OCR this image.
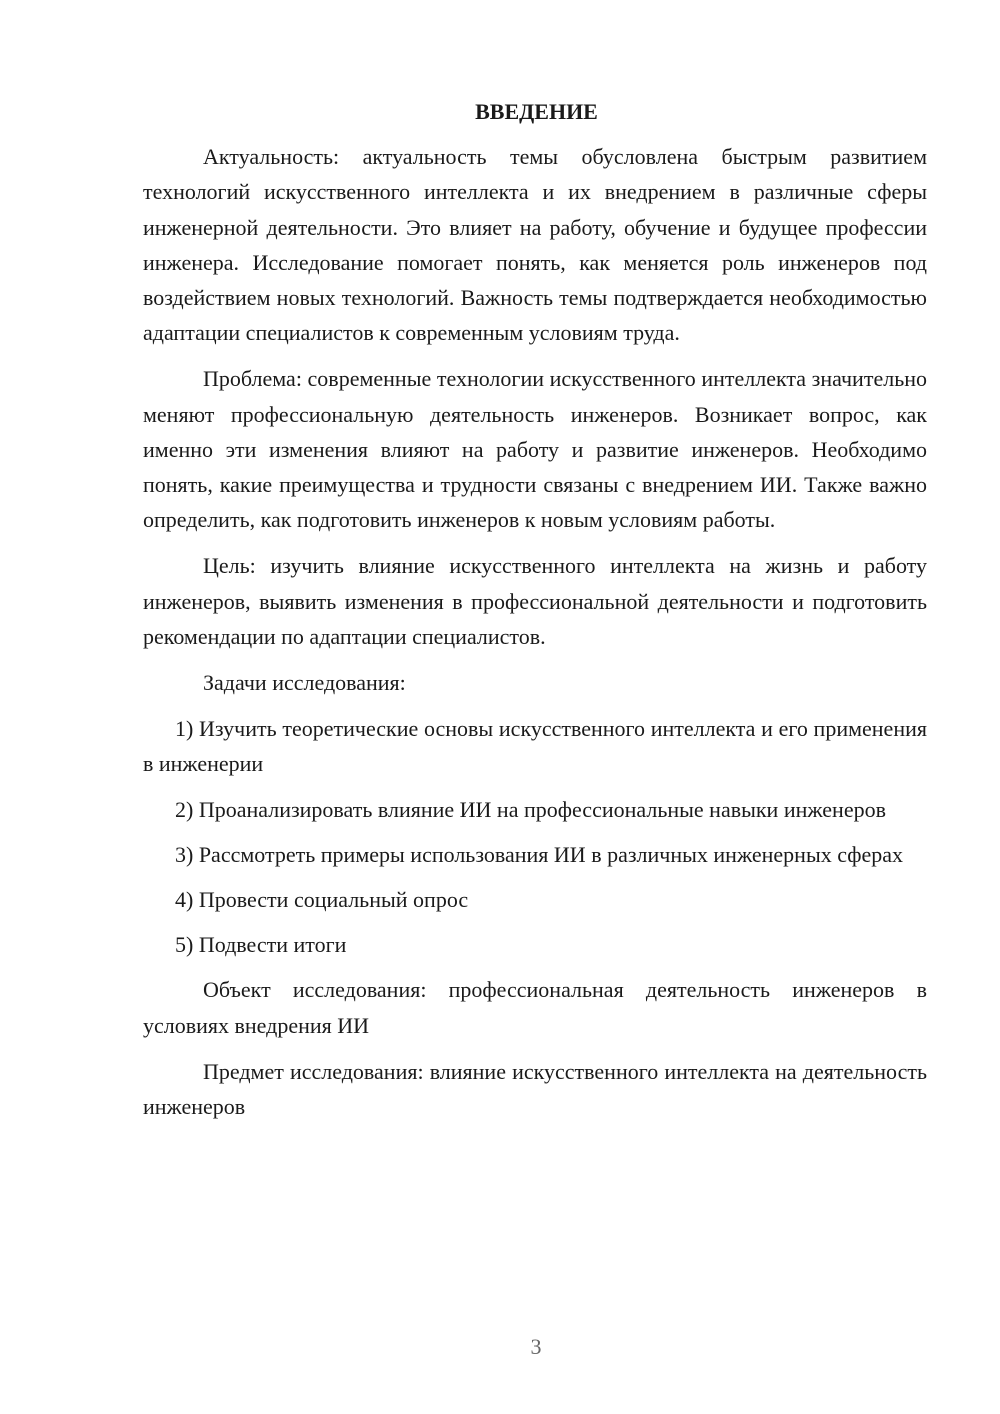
ВВЕДЕНИЕ

Актуальность: актуальность темы обусловлена быстрым развитием технологий искусственного интеллекта и их внедрением в различные сферы инженерной деятельности. Это влияет на работу, обучение и будущее профессии инженера. Исследование помогает понять, как меняется роль инженеров под воздействием новых технологий. Важность темы подтверждается необходимостью адаптации специалистов к современным условиям труда.

Проблема: современные технологии искусственного интеллекта значительно меняют профессиональную деятельность инженеров. Возникает вопрос, как именно эти изменения влияют на работу и развитие инженеров. Необходимо понять, какие преимущества и трудности связаны с внедрением ИИ. Также важно определить, как подготовить инженеров к новым условиям работы.

Цель: изучить влияние искусственного интеллекта на жизнь и работу инженеров, выявить изменения в профессиональной деятельности и подготовить рекомендации по адаптации специалистов.

Задачи исследования:

1) Изучить теоретические основы искусственного интеллекта и его применения в инженерии

2) Проанализировать влияние ИИ на профессиональные навыки инженеров

3) Рассмотреть примеры использования ИИ в различных инженерных сферах

4) Провести социальный опрос

5) Подвести итоги

Объект исследования: профессиональная деятельность инженеров в условиях внедрения ИИ

Предмет исследования: влияние искусственного интеллекта на деятельность инженеров

3
